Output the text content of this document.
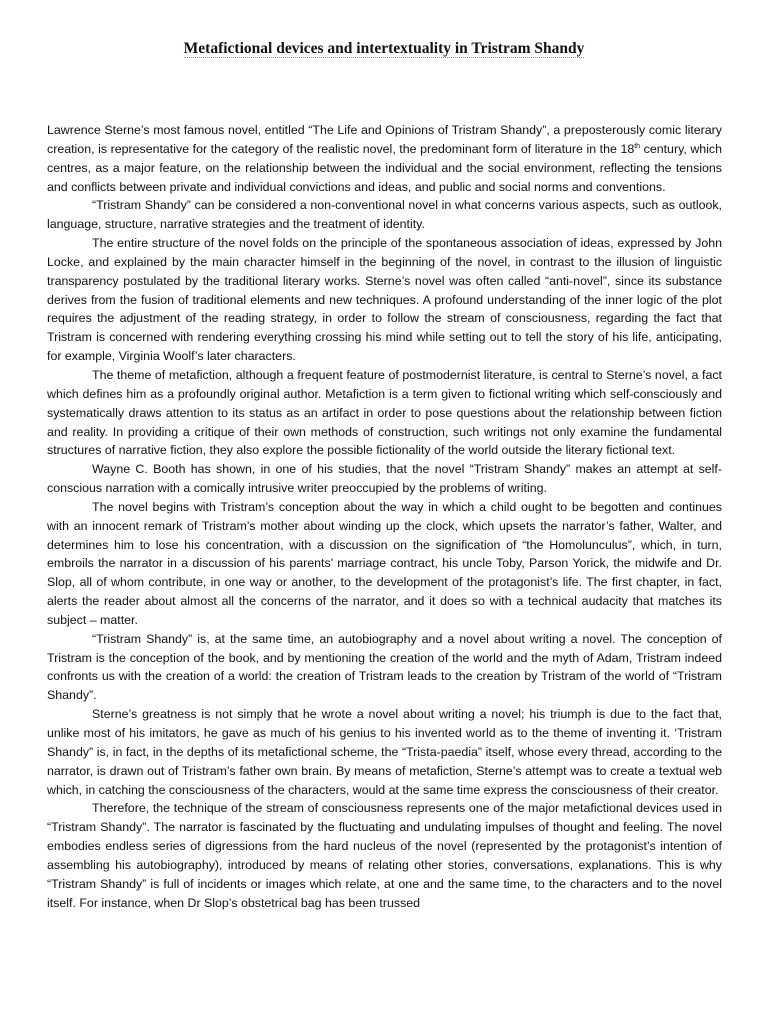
Metafictional devices and intertextuality in Tristram Shandy

Lawrence Sterne’s most famous novel, entitled “The Life and Opinions of Tristram Shandy”, a preposterously comic literary creation, is representative for the category of the realistic novel, the predominant form of literature in the 18th century, which centres, as a major feature, on the relationship between the individual and the social environment, reflecting the tensions and conflicts between private and individual convictions and ideas, and public and social norms and conventions.

“Tristram Shandy” can be considered a non-conventional novel in what concerns various aspects, such as outlook, language, structure, narrative strategies and the treatment of identity.

The entire structure of the novel folds on the principle of the spontaneous association of ideas, expressed by John Locke, and explained by the main character himself in the beginning of the novel, in contrast to the illusion of linguistic transparency postulated by the traditional literary works. Sterne’s novel was often called “anti-novel”, since its substance derives from the fusion of traditional elements and new techniques. A profound understanding of the inner logic of the plot requires the adjustment of the reading strategy, in order to follow the stream of consciousness, regarding the fact that Tristram is concerned with rendering everything crossing his mind while setting out to tell the story of his life, anticipating, for example, Virginia Woolf’s later characters.

The theme of metafiction, although a frequent feature of postmodernist literature, is central to Sterne’s novel, a fact which defines him as a profoundly original author. Metafiction is a term given to fictional writing which self-consciously and systematically draws attention to its status as an artifact in order to pose questions about the relationship between fiction and reality. In providing a critique of their own methods of construction, such writings not only examine the fundamental structures of narrative fiction, they also explore the possible fictionality of the world outside the literary fictional text.

Wayne C. Booth has shown, in one of his studies, that the novel “Tristram Shandy” makes an attempt at self-conscious narration with a comically intrusive writer preoccupied by the problems of writing.

The novel begins with Tristram’s conception about the way in which a child ought to be begotten and continues with an innocent remark of Tristram’s mother about winding up the clock, which upsets the narrator’s father, Walter, and determines him to lose his concentration, with a discussion on the signification of “the Homolunculus”, which, in turn, embroils the narrator in a discussion of his parents’ marriage contract, his uncle Toby, Parson Yorick, the midwife and Dr. Slop, all of whom contribute, in one way or another, to the development of the protagonist’s life. The first chapter, in fact, alerts the reader about almost all the concerns of the narrator, and it does so with a technical audacity that matches its subject – matter.

“Tristram Shandy” is, at the same time, an autobiography and a novel about writing a novel. The conception of Tristram is the conception of the book, and by mentioning the creation of the world and the myth of Adam, Tristram indeed confronts us with the creation of a world: the creation of Tristram leads to the creation by Tristram of the world of “Tristram Shandy”.

Sterne’s greatness is not simply that he wrote a novel about writing a novel; his triumph is due to the fact that, unlike most of his imitators, he gave as much of his genius to his invented world as to the theme of inventing it. ‘Tristram Shandy” is, in fact, in the depths of its metafictional scheme, the “Trista-paedia” itself, whose every thread, according to the narrator, is drawn out of Tristram’s father own brain. By means of metafiction, Sterne’s attempt was to create a textual web which, in catching the consciousness of the characters, would at the same time express the consciousness of their creator.

Therefore, the technique of the stream of consciousness represents one of the major metafictional devices used in “Tristram Shandy”. The narrator is fascinated by the fluctuating and undulating impulses of thought and feeling. The novel embodies endless series of digressions from the hard nucleus of the novel (represented by the protagonist’s intention of assembling his autobiography), introduced by means of relating other stories, conversations, explanations. This is why “Tristram Shandy” is full of incidents or images which relate, at one and the same time, to the characters and to the novel itself. For instance, when Dr Slop’s obstetrical bag has been trussed
